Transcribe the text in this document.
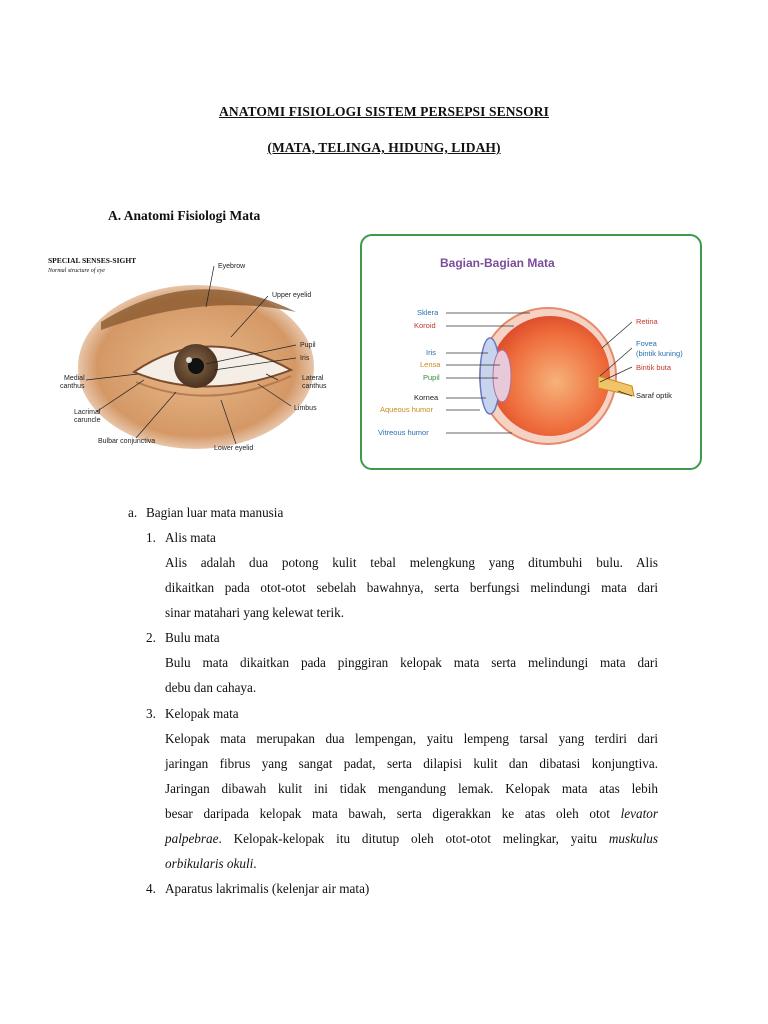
ANATOMI FISIOLOGI SISTEM PERSEPSI SENSORI
(MATA, TELINGA, HIDUNG, LIDAH)
A. Anatomi Fisiologi Mata
SPECIAL SENSES-SIGHT
Normal structure of eye
Eyebrow
Upper eyelid
Pupil
Iris
Lateral
canthus
Limbus
Medial
canthus
Lacrimal
caruncle
Bulbar conjunctiva
Lower eyelid
Bagian-Bagian Mata
Sklera
Koroid
Iris
Lensa
Pupil
Kornea
Aqueous humor
Vitreous humor
Retina
Fovea
(bintik kuning)
Bintik buta
Saraf optik
a. Bagian luar mata manusia
1. Alis mata
Alis adalah dua potong kulit tebal melengkung yang ditumbuhi bulu. Alis
dikaitkan pada otot-otot sebelah bawahnya, serta berfungsi melindungi mata dari
sinar matahari yang kelewat terik.
2. Bulu mata
Bulu mata dikaitkan pada pinggiran kelopak mata serta melindungi mata dari
debu dan cahaya.
3. Kelopak mata
Kelopak mata merupakan dua lempengan, yaitu lempeng tarsal yang terdiri dari
jaringan fibrus yang sangat padat, serta dilapisi kulit dan dibatasi konjungtiva.
Jaringan dibawah kulit ini tidak mengandung lemak. Kelopak mata atas lebih
besar daripada kelopak mata bawah, serta digerakkan ke atas oleh otot levator
palpebrae. Kelopak-kelopak itu ditutup oleh otot-otot melingkar, yaitu muskulus
orbikularis okuli.
4. Aparatus lakrimalis (kelenjar air mata)
